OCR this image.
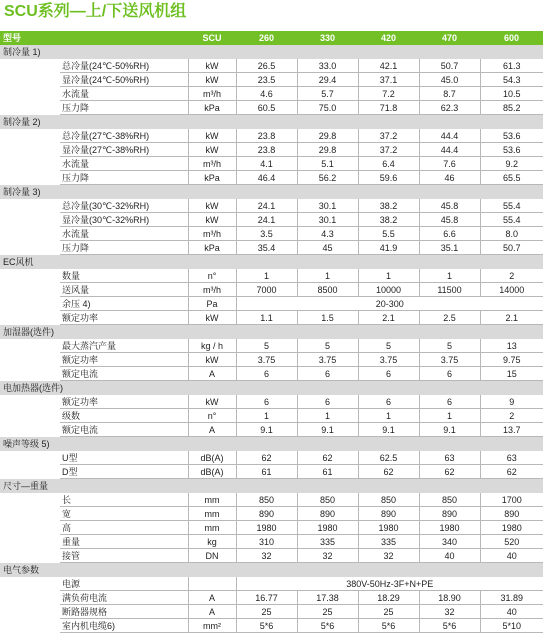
SCU系列—上/下送风机组
型号		SCU	260	330	420	470	600
制冷量 1)							
	总冷量(24℃-50%RH)	kW	26.5	33.0	42.1	50.7	61.3
	显冷量(24℃-50%RH)	kW	23.5	29.4	37.1	45.0	54.3
	水流量	m³/h	4.6	5.7	7.2	8.7	10.5
	压力降	kPa	60.5	75.0	71.8	62.3	85.2
制冷量 2)							
	总冷量(27℃-38%RH)	kW	23.8	29.8	37.2	44.4	53.6
	显冷量(27℃-38%RH)	kW	23.8	29.8	37.2	44.4	53.6
	水流量	m³/h	4.1	5.1	6.4	7.6	9.2
	压力降	kPa	46.4	56.2	59.6	46	65.5
制冷量 3)							
	总冷量(30℃-32%RH)	kW	24.1	30.1	38.2	45.8	55.4
	显冷量(30℃-32%RH)	kW	24.1	30.1	38.2	45.8	55.4
	水流量	m³/h	3.5	4.3	5.5	6.6	8.0
	压力降	kPa	35.4	45	41.9	35.1	50.7
EC风机							
	数量	n°	1	1	1	1	2
	送风量	m³/h	7000	8500	10000	11500	14000
	余压 4)	Pa	20-300				
	额定功率	kW	1.1	1.5	2.1	2.5	2.1
加湿器(选件)							
	最大蒸汽产量	kg / h	5	5	5	5	13
	额定功率	kW	3.75	3.75	3.75	3.75	9.75
	额定电流	A	6	6	6	6	15
电加热器(选件)							
	额定功率	kW	6	6	6	6	9
	级数	n°	1	1	1	1	2
	额定电流	A	9.1	9.1	9.1	9.1	13.7
噪声等级 5)							
	U型	dB(A)	62	62	62.5	63	63
	D型	dB(A)	61	61	62	62	62
尺寸—重量							
	长	mm	850	850	850	850	1700
	宽	mm	890	890	890	890	890
	高	mm	1980	1980	1980	1980	1980
	重量	kg	310	335	335	340	520
	接管	DN	32	32	32	40	40
电气参数							
	电源		380V-50Hz-3F+N+PE				
	满负荷电流	A	16.77	17.38	18.29	18.90	31.89
	断路器规格	A	25	25	25	32	40
	室内机电缆6)	mm²	5*6	5*6	5*6	5*6	5*10
